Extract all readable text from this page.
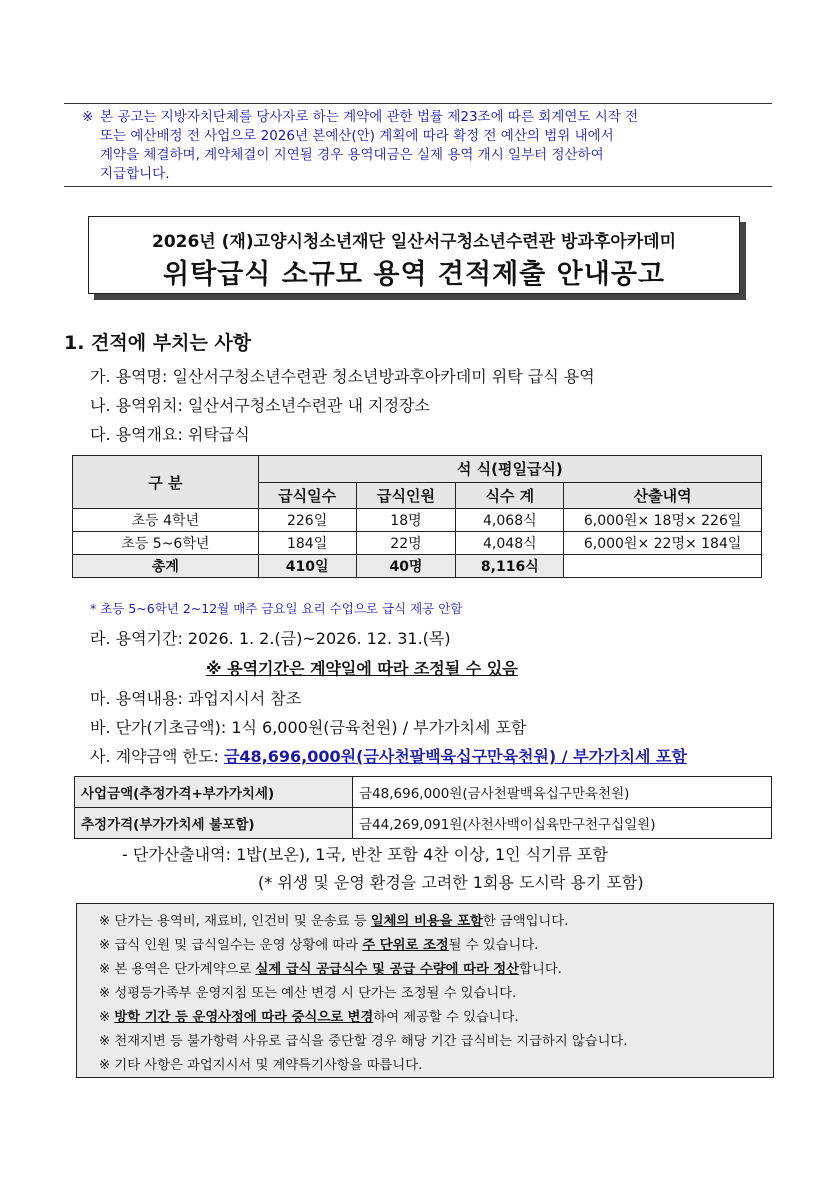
※ 본 공고는 지방자치단체를 당사자로 하는 계약에 관한 법률 제23조에 따른 회계연도 시작 전
또는 예산배정 전 사업으로 2026년 본예산(안) 계획에 따라 확정 전 예산의 범위 내에서
계약을 체결하며, 계약체결이 지연될 경우 용역대금은 실제 용역 개시 일부터 정산하여
지급합니다.
2026년 (재)고양시청소년재단 일산서구청소년수련관 방과후아카데미
위탁급식 소규모 용역 견적제출 안내공고
1. 견적에 부치는 사항
가. 용역명: 일산서구청소년수련관 청소년방과후아카데미 위탁 급식 용역
나. 용역위치: 일산서구청소년수련관 내 지정장소
다. 용역개요: 위탁급식
구 분	석 식(평일급식)			
	급식일수	급식인원	식수 계	산출내역
초등 4학년	226일	18명	4,068식	6,000원× 18명× 226일
초등 5~6학년	184일	22명	4,048식	6,000원× 22명× 184일
총계	410일	40명	8,116식	
* 초등 5~6학년 2~12월 매주 금요일 요리 수업으로 급식 제공 안함
라. 용역기간: 2026. 1. 2.(금)~2026. 12. 31.(목)
※ 용역기간은 계약일에 따라 조정될 수 있음
마. 용역내용: 과업지시서 참조
바. 단가(기초금액): 1식 6,000원(금육천원) / 부가가치세 포함
사. 계약금액 한도: 금48,696,000원(금사천팔백육십구만육천원) / 부가가치세 포함
사업금액(추정가격+부가가치세)	금48,696,000원(금사천팔백육십구만육천원)
추정가격(부가가치세 불포함)	금44,269,091원(사천사백이십육만구천구십일원)
- 단가산출내역: 1밥(보온), 1국, 반찬 포함 4찬 이상, 1인 식기류 포함
(* 위생 및 운영 환경을 고려한 1회용 도시락 용기 포함)
※ 단가는 용역비, 재료비, 인건비 및 운송료 등 일체의 비용을 포함한 금액입니다.
※ 급식 인원 및 급식일수는 운영 상황에 따라 주 단위로 조정될 수 있습니다.
※ 본 용역은 단가계약으로 실제 급식 공급식수 및 공급 수량에 따라 정산합니다.
※ 성평등가족부 운영지침 또는 예산 변경 시 단가는 조정될 수 있습니다.
※ 방학 기간 등 운영사정에 따라 중식으로 변경하여 제공할 수 있습니다.
※ 천재지변 등 불가항력 사유로 급식을 중단할 경우 해당 기간 급식비는 지급하지 않습니다.
※ 기타 사항은 과업지시서 및 계약특기사항을 따릅니다.
